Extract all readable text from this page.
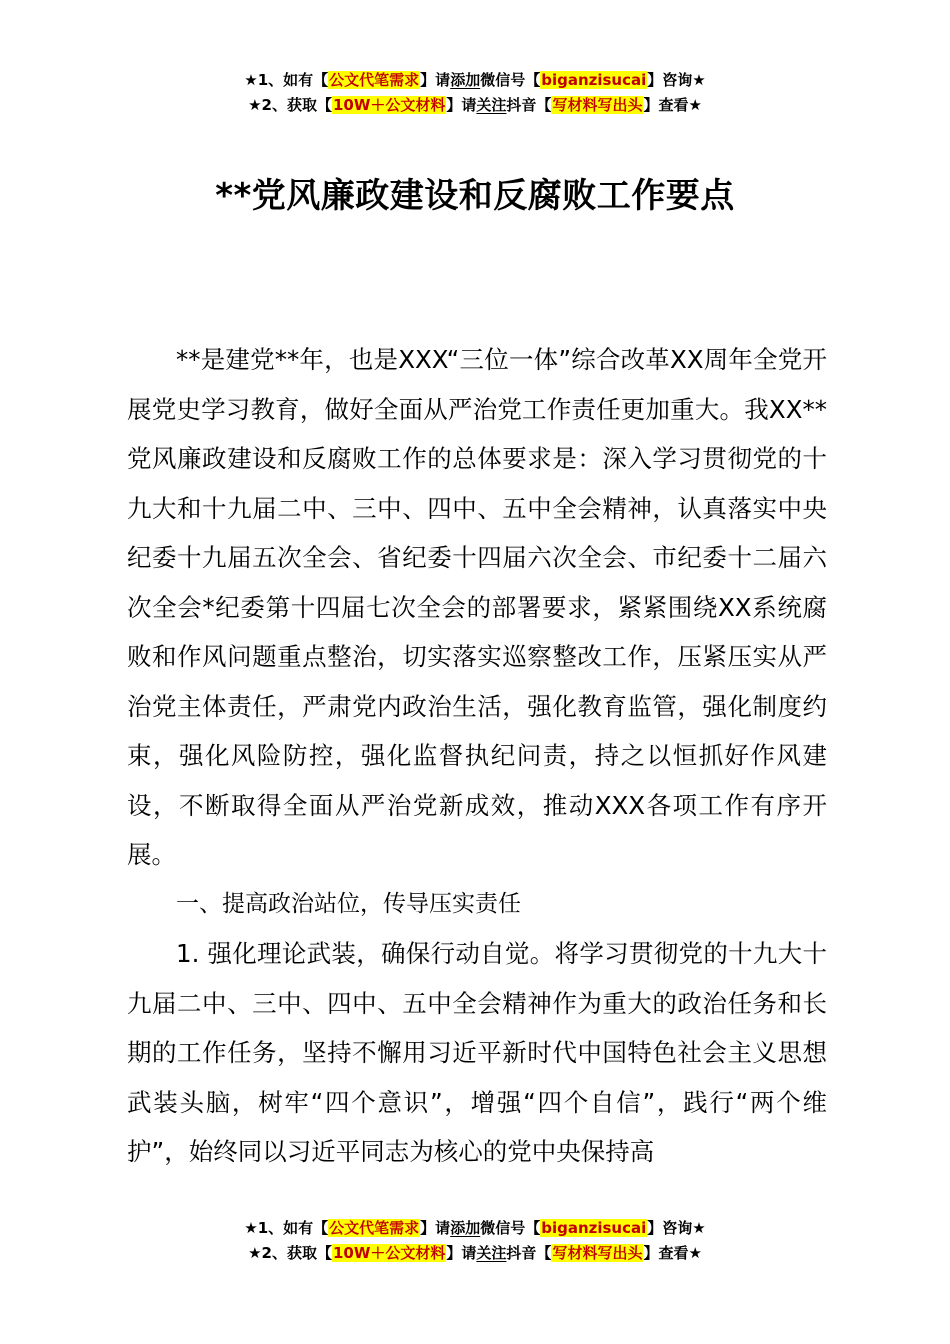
★1、如有【公文代笔需求】请添加微信号【biganzisucai】咨询★
★2、获取【10W＋公文材料】请关注抖音【写材料写出头】查看★
**党风廉政建设和反腐败工作要点

**是建党**年，也是XXX“三位一体”综合改革XX周年全党开展党史学习教育，做好全面从严治党工作责任更加重大。我XX**党风廉政建设和反腐败工作的总体要求是：深入学习贯彻党的十九大和十九届二中、三中、四中、五中全会精神，认真落实中央纪委十九届五次全会、省纪委十四届六次全会、市纪委十二届六次全会*纪委第十四届七次全会的部署要求，紧紧围绕XX系统腐败和作风问题重点整治，切实落实巡察整改工作，压紧压实从严治党主体责任，严肃党内政治生活，强化教育监管，强化制度约束，强化风险防控，强化监督执纪问责，持之以恒抓好作风建设，不断取得全面从严治党新成效，推动XXX各项工作有序开展。

一、提高政治站位，传导压实责任

1. 强化理论武装，确保行动自觉。将学习贯彻党的十九大十九届二中、三中、四中、五中全会精神作为重大的政治任务和长期的工作任务，坚持不懈用习近平新时代中国特色社会主义思想武装头脑，树牢“四个意识”，增强“四个自信”，践行“两个维护”，始终同以习近平同志为核心的党中央保持高

★1、如有【公文代笔需求】请添加微信号【biganzisucai】咨询★
★2、获取【10W＋公文材料】请关注抖音【写材料写出头】查看★
